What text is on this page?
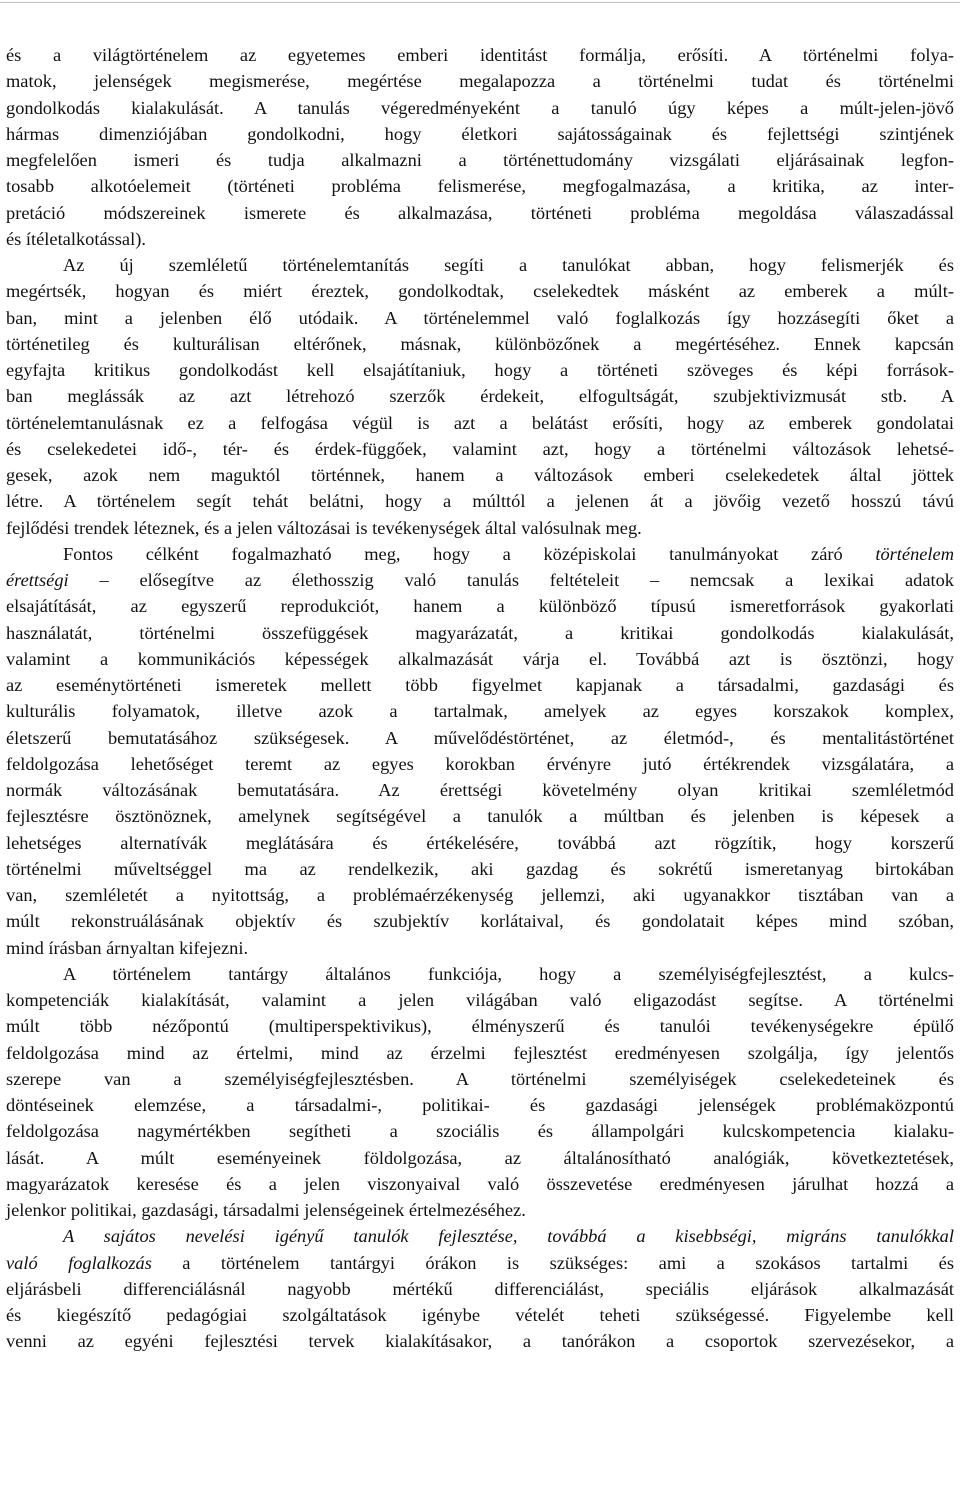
és a világtörténelem az egyetemes emberi identitást formálja, erősíti. A történelmi folya-
matok, jelenségek megismerése, megértése megalapozza a történelmi tudat és történelmi
gondolkodás kialakulását. A tanulás végeredményeként a tanuló úgy képes a múlt-jelen-jövő
hármas dimenziójában gondolkodni, hogy életkori sajátosságainak és fejlettségi szintjének
megfelelően ismeri és tudja alkalmazni a történettudomány vizsgálati eljárásainak legfon-
tosabb alkotóelemeit (történeti probléma felismerése, megfogalmazása, a kritika, az inter-
pretáció módszereinek ismerete és alkalmazása, történeti probléma megoldása válaszadással
és ítéletalkotással).
Az új szemléletű történelemtanítás segíti a tanulókat abban, hogy felismerjék és
megértsék, hogyan és miért éreztek, gondolkodtak, cselekedtek másként az emberek a múlt-
ban, mint a jelenben élő utódaik. A történelemmel való foglalkozás így hozzásegíti őket a
történetileg és kulturálisan eltérőnek, másnak, különbözőnek a megértéséhez. Ennek kapcsán
egyfajta kritikus gondolkodást kell elsajátítaniuk, hogy a történeti szöveges és képi források-
ban meglássák az azt létrehozó szerzők érdekeit, elfogultságát, szubjektivizmusát stb. A
történelemtanulásnak ez a felfogása végül is azt a belátást erősíti, hogy az emberek gondolatai
és cselekedetei idő-, tér- és érdek-függőek, valamint azt, hogy a történelmi változások lehetsé-
gesek, azok nem maguktól történnek, hanem a változások emberi cselekedetek által jöttek
létre. A történelem segít tehát belátni, hogy a múlttól a jelenen át a jövőig vezető hosszú távú
fejlődési trendek léteznek, és a jelen változásai is tevékenységek által valósulnak meg.
Fontos célként fogalmazható meg, hogy a középiskolai tanulmányokat záró történelem
érettségi – elősegítve az élethosszig való tanulás feltételeit – nemcsak a lexikai adatok
elsajátítását, az egyszerű reprodukciót, hanem a különböző típusú ismeretforrások gyakorlati
használatát, történelmi összefüggések magyarázatát, a kritikai gondolkodás kialakulását,
valamint a kommunikációs képességek alkalmazását várja el. Továbbá azt is ösztönzi, hogy
az eseménytörténeti ismeretek mellett több figyelmet kapjanak a társadalmi, gazdasági és
kulturális folyamatok, illetve azok a tartalmak, amelyek az egyes korszakok komplex,
életszerű bemutatásához szükségesek. A művelődéstörténet, az életmód-, és mentalitástörténet
feldolgozása lehetőséget teremt az egyes korokban érvényre jutó értékrendek vizsgálatára, a
normák változásának bemutatására. Az érettségi követelmény olyan kritikai szemléletmód
fejlesztésre ösztönöznek, amelynek segítségével a tanulók a múltban és jelenben is képesek a
lehetséges alternatívák meglátására és értékelésére, továbbá azt rögzítik, hogy korszerű
történelmi műveltséggel ma az rendelkezik, aki gazdag és sokrétű ismeretanyag birtokában
van, szemléletét a nyitottság, a problémaérzékenység jellemzi, aki ugyanakkor tisztában van a
múlt rekonstruálásának objektív és szubjektív korlátaival, és gondolatait képes mind szóban,
mind írásban árnyaltan kifejezni.
A történelem tantárgy általános funkciója, hogy a személyiségfejlesztést, a kulcs-
kompetenciák kialakítását, valamint a jelen világában való eligazodást segítse. A történelmi
múlt több nézőpontú (multiperspektivikus), élményszerű és tanulói tevékenységekre épülő
feldolgozása mind az értelmi, mind az érzelmi fejlesztést eredményesen szolgálja, így jelentős
szerepe van a személyiségfejlesztésben. A történelmi személyiségek cselekedeteinek és
döntéseinek elemzése, a társadalmi-, politikai- és gazdasági jelenségek problémaközpontú
feldolgozása nagymértékben segítheti a szociális és állampolgári kulcskompetencia kialaku-
lását. A múlt eseményeinek földolgozása, az általánosítható analógiák, következtetések,
magyarázatok keresése és a jelen viszonyaival való összevetése eredményesen járulhat hozzá a
jelenkor politikai, gazdasági, társadalmi jelenségeinek értelmezéséhez.
A sajátos nevelési igényű tanulók fejlesztése, továbbá a kisebbségi, migráns tanulókkal
való foglalkozás a történelem tantárgyi órákon is szükséges: ami a szokásos tartalmi és
eljárásbeli differenciálásnál nagyobb mértékű differenciálást, speciális eljárások alkalmazását
és kiegészítő pedagógiai szolgáltatások igénybe vételét teheti szükségessé. Figyelembe kell
venni az egyéni fejlesztési tervek kialakításakor, a tanórákon a csoportok szervezésekor, a
